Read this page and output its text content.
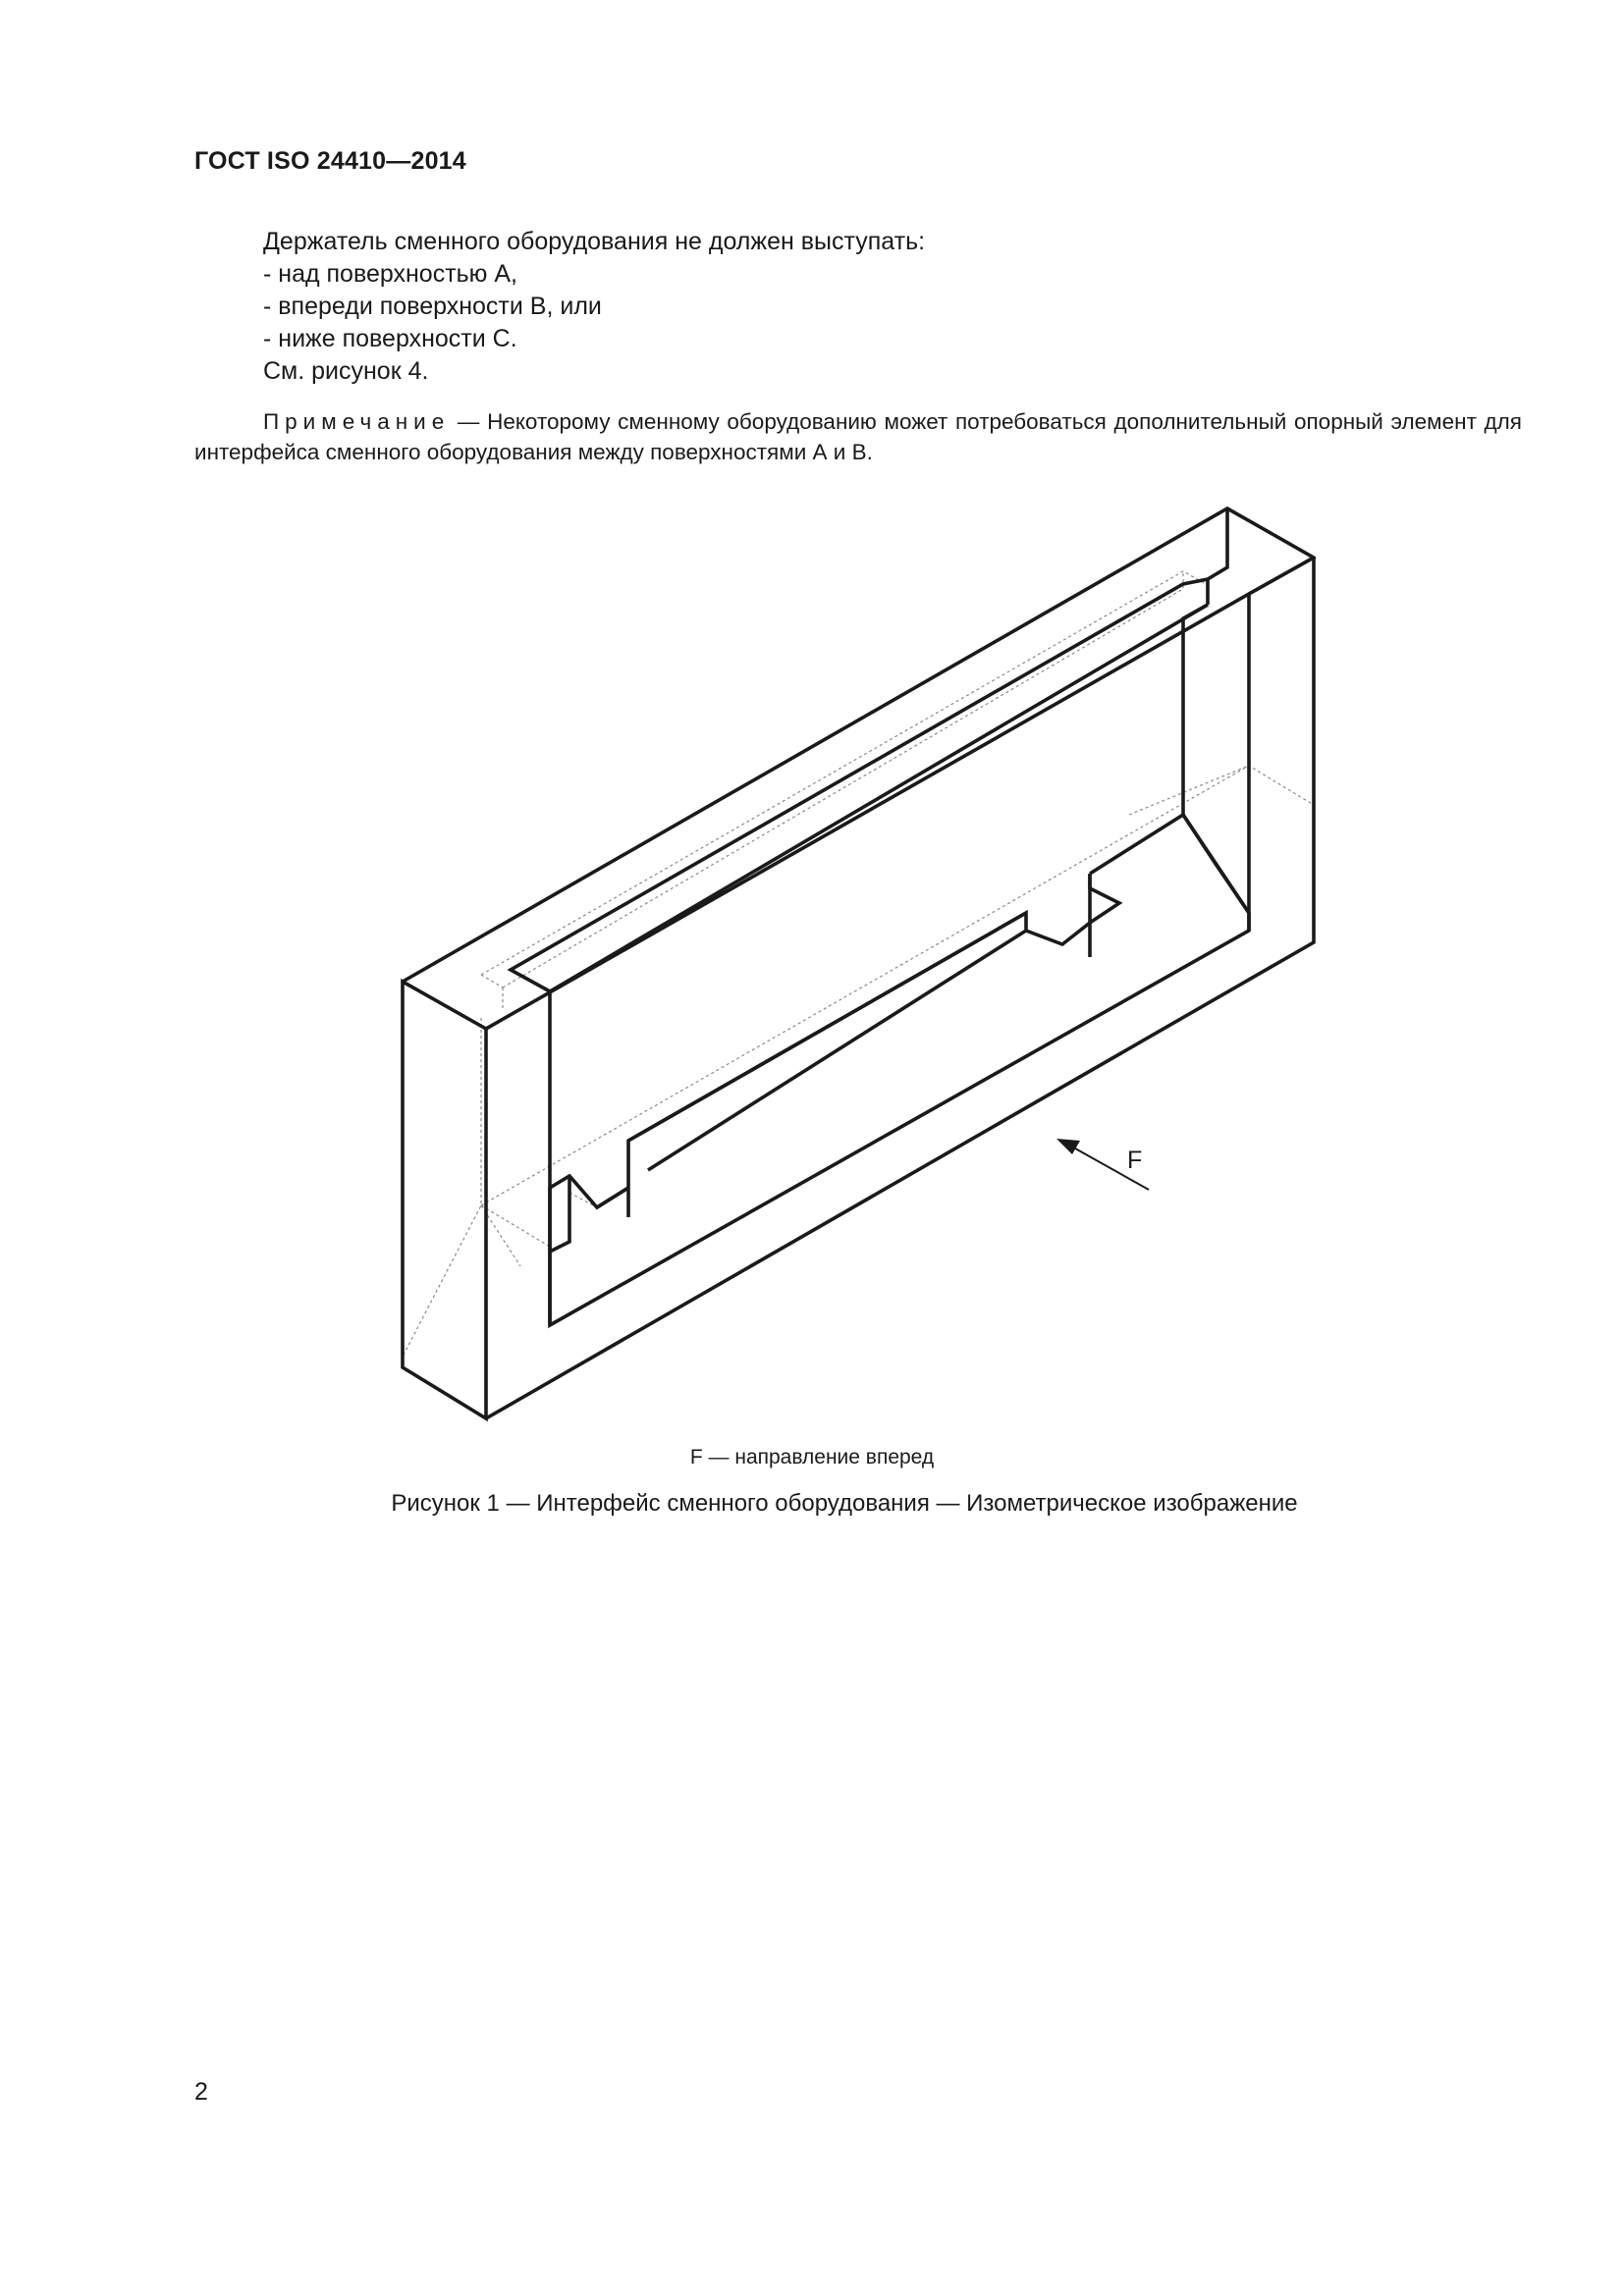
ГОСТ ISO 24410—2014
Держатель сменного оборудования не должен выступать:
- над поверхностью А,
- впереди поверхности В, или
- ниже поверхности С.
См. рисунок 4.
Примечание — Некоторому сменному оборудованию может потребоваться дополнительный опорный элемент для интерфейса сменного оборудования между поверхностями А и В.
F
F — направление вперед
Рисунок 1 — Интерфейс сменного оборудования — Изометрическое изображение
2
